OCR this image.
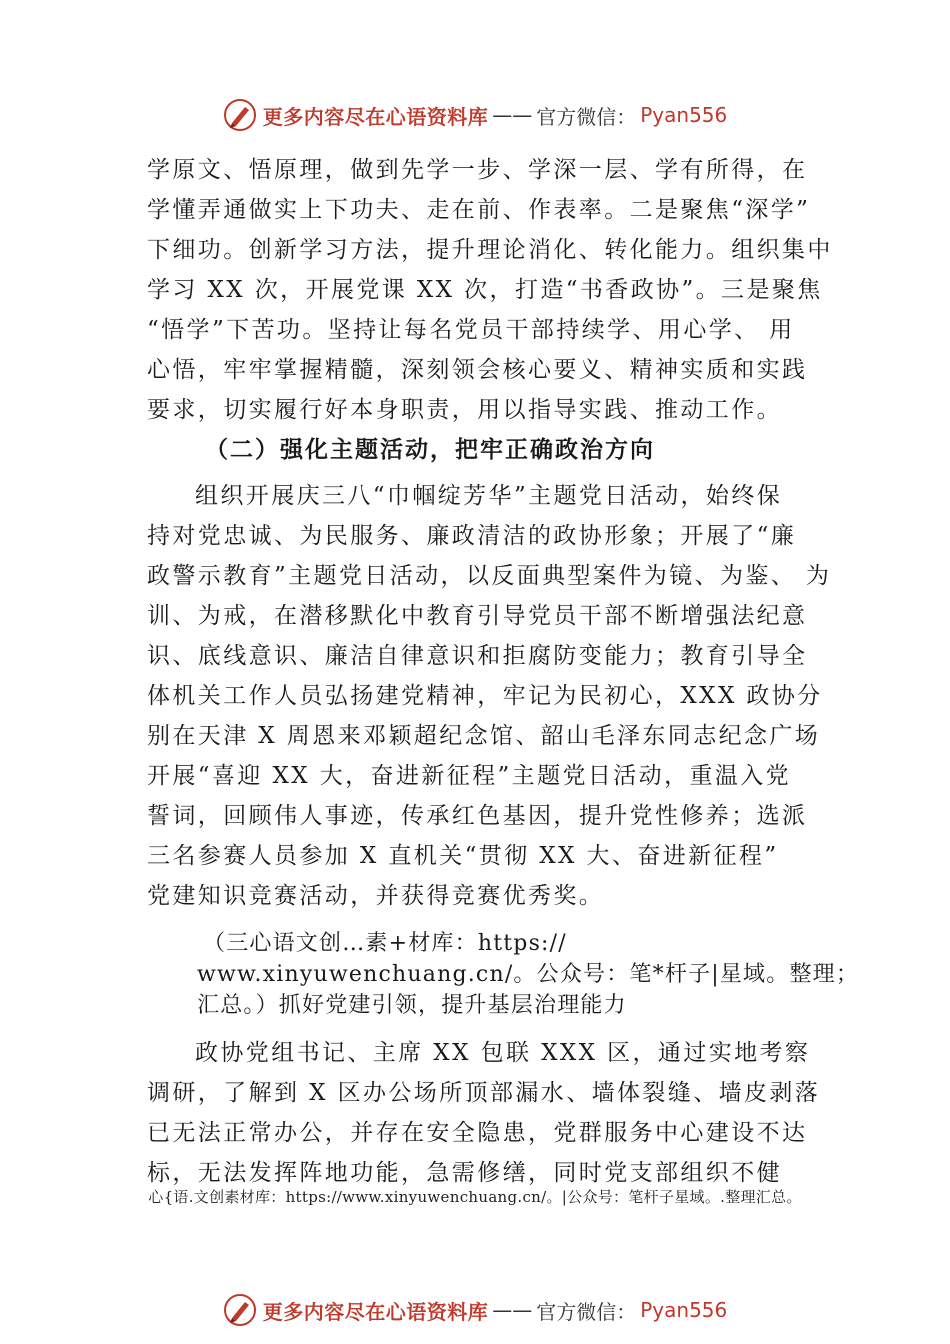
更多内容尽在心语资料库 —— 官方微信： Pyan556
学原文、悟原理，做到先学一步、学深一层、学有所得，在
学懂弄通做实上下功夫、走在前、作表率。二是聚焦“深学”
下细功。创新学习方法，提升理论消化、转化能力。组织集中
学习 XX 次，开展党课 XX 次，打造“书香政协”。三是聚焦
“悟学”下苦功。坚持让每名党员干部持续学、用心学、 用
心悟，牢牢掌握精髓，深刻领会核心要义、精神实质和实践
要求，切实履行好本身职责，用以指导实践、推动工作。
（二）强化主题活动，把牢正确政治方向
组织开展庆三八“巾帼绽芳华”主题党日活动，始终保
持对党忠诚、为民服务、廉政清洁的政协形象；开展了“廉
政警示教育”主题党日活动，以反面典型案件为镜、为鉴、 为
训、为戒，在潜移默化中教育引导党员干部不断增强法纪意
识、底线意识、廉洁自律意识和拒腐防变能力；教育引导全
体机关工作人员弘扬建党精神，牢记为民初心，XXX 政协分
别在天津 X 周恩来邓颖超纪念馆、韶山毛泽东同志纪念广场
开展“喜迎 XX 大，奋进新征程”主题党日活动，重温入党
誓词，回顾伟人事迹，传承红色基因，提升党性修养；选派
三名参赛人员参加 X 直机关“贯彻 XX 大、奋进新征程”
党建知识竞赛活动，并获得竞赛优秀奖。
（三心语文创…素+材库：https://
www.xinyuwenchuang.cn/。公众号：笔*杆子|星域。整理；
汇总。）抓好党建引领，提升基层治理能力
政协党组书记、主席 XX 包联 XXX 区，通过实地考察
调研，了解到 X 区办公场所顶部漏水、墙体裂缝、墙皮剥落
已无法正常办公，并存在安全隐患，党群服务中心建设不达
标，无法发挥阵地功能，急需修缮，同时党支部组织不健
心{语.文创素材库：https://www.xinyuwenchuang.cn/。|公众号：笔杆子星域。.整理汇总。
更多内容尽在心语资料库 —— 官方微信： Pyan556
